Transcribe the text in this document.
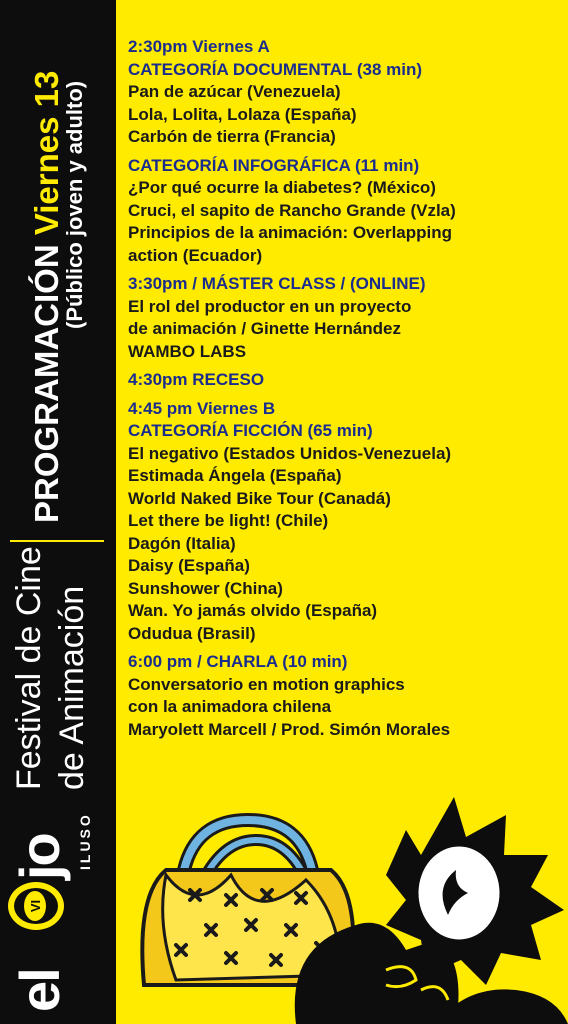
PROGRAMACIÓN Viernes 13
(Público joven y adulto)
Festival de Cine de Animación
el
VI
jo ILUSO
2:30pm Viernes A
CATEGORÍA DOCUMENTAL (38 min)
Pan de azúcar (Venezuela)
Lola, Lolita, Lolaza (España)
Carbón de tierra (Francia)
CATEGORÍA INFOGRÁFICA (11 min)
¿Por qué ocurre la diabetes? (México)
Cruci, el sapito de Rancho Grande (Vzla)
Principios de la animación: Overlapping
action (Ecuador)
3:30pm / MÁSTER CLASS / (ONLINE)
El rol del productor en un proyecto
de animación / Ginette Hernández
WAMBO LABS
4:30pm RECESO
4:45 pm Viernes B
CATEGORÍA FICCIÓN (65 min)
El negativo (Estados Unidos-Venezuela)
Estimada Ángela (España)
World Naked Bike Tour (Canadá)
Let there be light! (Chile)
Dagón (Italia)
Daisy (España)
Sunshower (China)
Wan. Yo jamás olvido (España)
Odudua (Brasil)
6:00 pm / CHARLA (10 min)
Conversatorio en motion graphics
con la animadora chilena
Maryolett Marcell / Prod. Simón Morales
